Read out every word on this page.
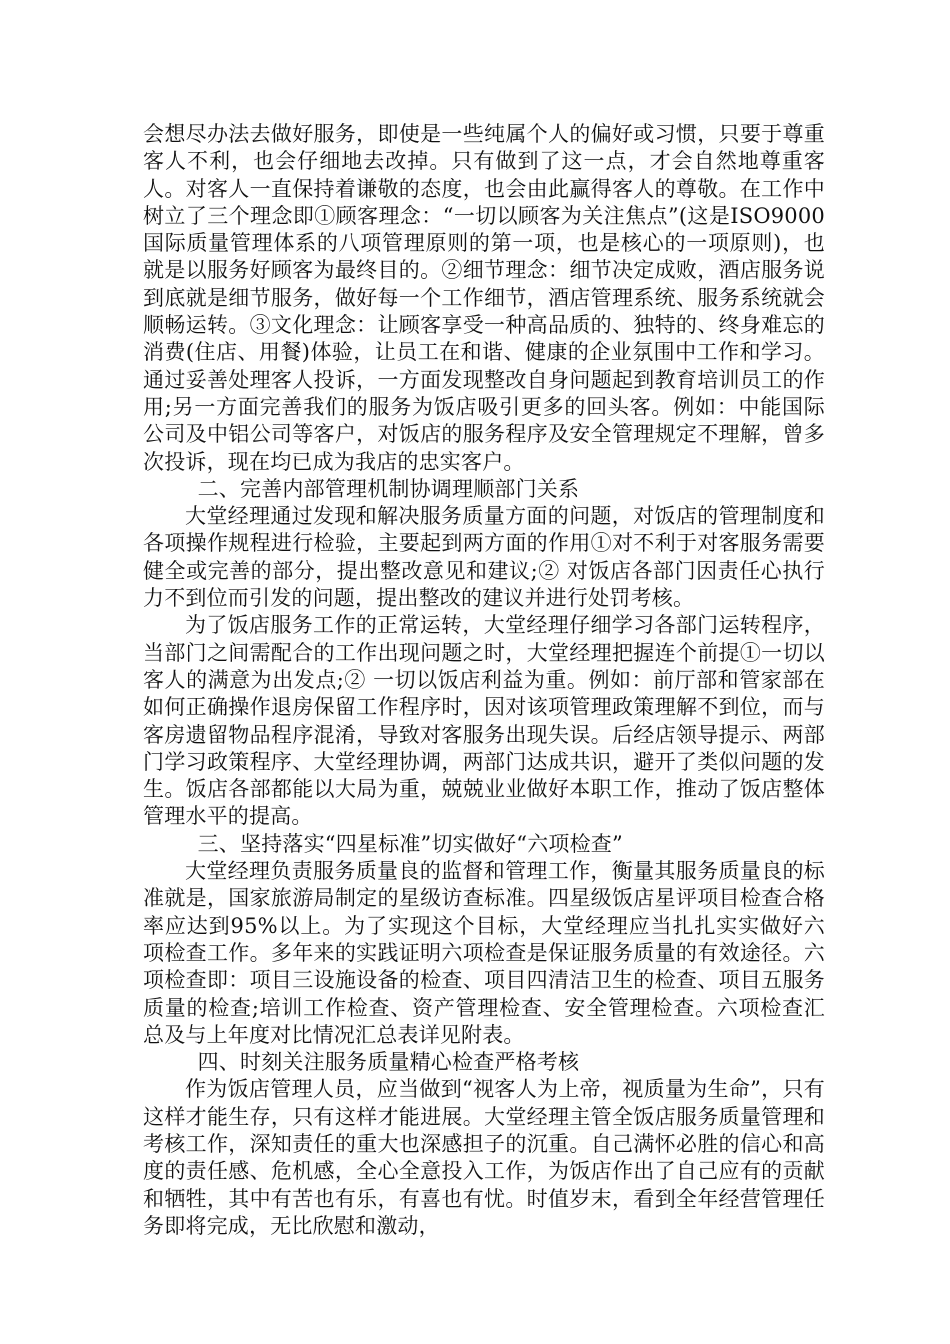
会想尽办法去做好服务，即使是一些纯属个人的偏好或习惯，只要于尊重客人不利，也会仔细地去改掉。只有做到了这一点，才会自然地尊重客人。对客人一直保持着谦敬的态度，也会由此赢得客人的尊敬。在工作中树立了三个理念即①顾客理念：“一切以顾客为关注焦点”(这是ISO9000国际质量管理体系的八项管理原则的第一项，也是核心的一项原则)，也就是以服务好顾客为最终目的。②细节理念：细节决定成败，酒店服务说到底就是细节服务，做好每一个工作细节，酒店管理系统、服务系统就会顺畅运转。③文化理念：让顾客享受一种高品质的、独特的、终身难忘的消费(住店、用餐)体验，让员工在和谐、健康的企业氛围中工作和学习。通过妥善处理客人投诉，一方面发现整改自身问题起到教育培训员工的作用;另一方面完善我们的服务为饭店吸引更多的回头客。例如：中能国际公司及中铝公司等客户，对饭店的服务程序及安全管理规定不理解，曾多次投诉，现在均已成为我店的忠实客户。

二、完善内部管理机制协调理顺部门关系

大堂经理通过发现和解决服务质量方面的问题，对饭店的管理制度和各项操作规程进行检验，主要起到两方面的作用①对不利于对客服务需要健全或完善的部分，提出整改意见和建议;② 对饭店各部门因责任心执行力不到位而引发的问题，提出整改的建议并进行处罚考核。

为了饭店服务工作的正常运转，大堂经理仔细学习各部门运转程序，当部门之间需配合的工作出现问题之时，大堂经理把握连个前提①一切以客人的满意为出发点;② 一切以饭店利益为重。例如：前厅部和管家部在如何正确操作退房保留工作程序时，因对该项管理政策理解不到位，而与客房遗留物品程序混淆，导致对客服务出现失误。后经店领导提示、两部门学习政策程序、大堂经理协调，两部门达成共识，避开了类似问题的发生。饭店各部都能以大局为重，兢兢业业做好本职工作，推动了饭店整体管理水平的提高。

三、坚持落实“四星标准”切实做好“六项检查”

大堂经理负责服务质量良的监督和管理工作，衡量其服务质量良的标准就是，国家旅游局制定的星级访查标准。四星级饭店星评项目检查合格率应达到95%以上。为了实现这个目标，大堂经理应当扎扎实实做好六项检查工作。多年来的实践证明六项检查是保证服务质量的有效途径。六项检查即：项目三设施设备的检查、项目四清洁卫生的检查、项目五服务质量的检查;培训工作检查、资产管理检查、安全管理检查。六项检查汇总及与上年度对比情况汇总表详见附表。

四、时刻关注服务质量精心检查严格考核

作为饭店管理人员，应当做到“视客人为上帝，视质量为生命”，只有这样才能生存，只有这样才能进展。大堂经理主管全饭店服务质量管理和考核工作，深知责任的重大也深感担子的沉重。自己满怀必胜的信心和高度的责任感、危机感，全心全意投入工作，为饭店作出了自己应有的贡献和牺牲，其中有苦也有乐，有喜也有忧。时值岁末，看到全年经营管理任务即将完成，无比欣慰和激动，
